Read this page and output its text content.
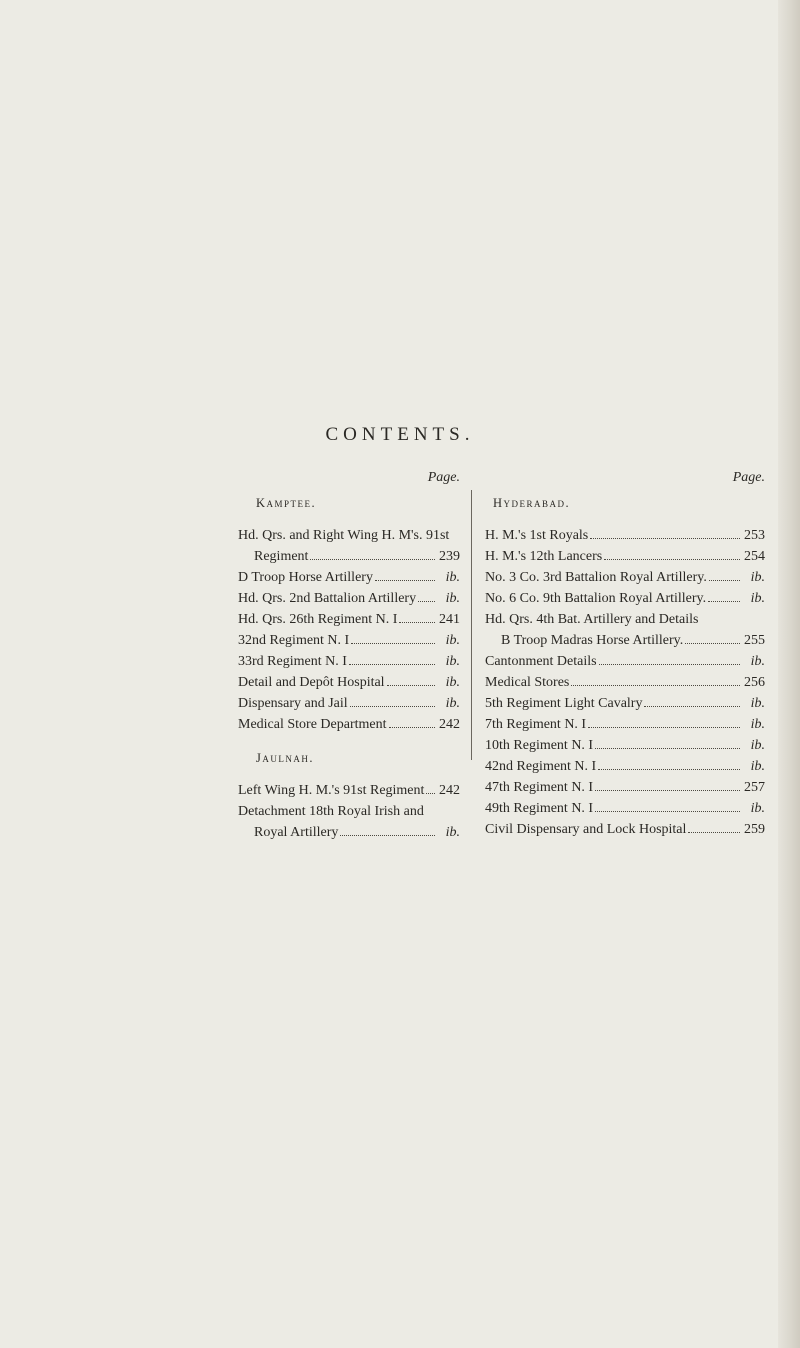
CONTENTS.
Page.
Kamptee.
Hd. Qrs. and Right Wing H. M's. 91st
Regiment	239
D Troop Horse Artillery	ib.
Hd. Qrs. 2nd Battalion Artillery	ib.
Hd. Qrs. 26th Regiment N. I	241
32nd Regiment N. I	ib.
33rd Regiment N. I	ib.
Detail and Depôt Hospital	ib.
Dispensary and Jail	ib.
Medical Store Department	242
Jaulnah.
Left Wing H. M.'s 91st Regiment 242
Detachment 18th Royal Irish and
Royal Artillery	ib.
Page.
Hyderabad.
H. M.'s 1st Royals	253
H. M.'s 12th Lancers	254
No. 3 Co. 3rd Battalion Royal Artillery.	ib.
No. 6 Co. 9th Battalion Royal Artillery.	ib.
Hd. Qrs. 4th Bat. Artillery and Details
B Troop Madras Horse Artillery.	255
Cantonment Details	ib.
Medical Stores	256
5th Regiment Light Cavalry	ib.
7th Regiment N. I	ib.
10th Regiment N. I	ib.
42nd Regiment N. I	ib.
47th Regiment N. I	257
49th Regiment N. I	ib.
Civil Dispensary and Lock Hospital	259
